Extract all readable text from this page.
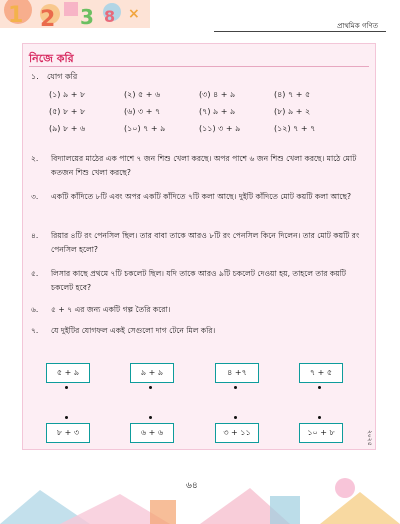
1 2 3 8 ×
প্রাথমিক গণিত
নিজে করি
১. যোগ করি
(১) ৯ + ৮	(২) ৫ + ৬	(৩) ৪ + ৯	(৪) ৭ + ৫
(৫) ৮ + ৮	(৬) ৩ + ৭	(৭) ৯ + ৯	(৮) ৯ + ২
(৯) ৮ + ৬	(১০) ৭ + ৯	(১১) ৩ + ৯	(১২) ৭ + ৭
২.	বিদ্যালয়ের মাঠের এক পাশে ৭ জন শিশু খেলা করছে। অপর পাশে ৬ জন শিশু খেলা করছে। মাঠে মোট কতজন শিশু খেলা করছে?
৩.	একটি কাঁদিতে ৮টি এবং অপর একটি কাঁদিতে ৭টি কলা আছে। দুইটি কাঁদিতে মোট কয়টি কলা আছে?
৪.	রিয়ার ৪টি রং পেনসিল ছিল। তার বাবা তাকে আরও ৮টি রং পেনসিল কিনে দিলেন। তার মোট কয়টি রং পেনসিল হলো?
৫.	লিসার কাছে প্রথমে ৭টি চকলেট ছিল। যদি তাকে আরও ৯টি চকলেট দেওয়া হয়, তাহলে তার কয়টি চকলেট হবে?
৬.	৫ + ৭ এর জন্য একটি গল্প তৈরি করো।
৭.	যে দুইটির যোগফল একই সেগুলো দাগ টেনে মিল করি।
৫ + ৯	৯ + ৯	৪ +৭	৭ + ৫
৮ + ৩	৬ + ৬	৩ + ১১	১০ + ৮	২০২৫
৬৪
